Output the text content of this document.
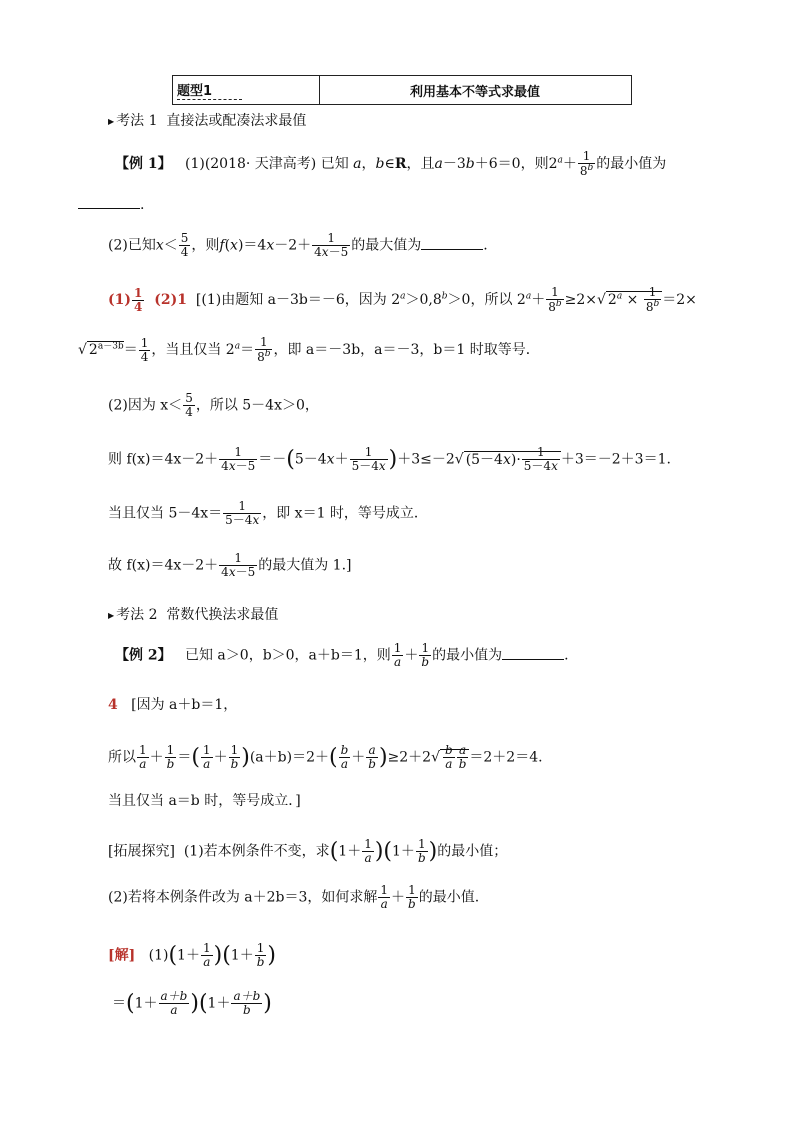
题型1	利用基本不等式求最值
▶ 考法 1 直接法或配凑法求最值
【例 1】 (1)(2018· 天津高考) 已知 a，b∈R，且a－3b＋6＝0，则$2^a+ \frac{1}{8^b}$ 的最小值为
.
(2)已知$x< \frac{5}{4}$ ，则$f(x)=4x-2+ \frac{1}{4x-5}$ 的最大值为	.
$(1) \frac{1}{4} (2)1$ [(1)由题知 a－3b＝－6，因为 $2^a>0,8^b>0$，所以 $2^a+ \frac{1}{8^b} \ge 2\times√$ $2^a \times \frac{1}{8^b} =2\times$
√ $2^{a-3b}= \frac{1}{4}$ ，当且仅当 $2^a= \frac{1}{8^b}$ ，即 a＝－3b，a＝－3，b＝1 时取等号．
(2)因为 $x< \frac{5}{4}$ ，所以 5－4x＞0，
则 $f(x)=4x-2+ \frac{1}{4x-5} =-(5-4x+ \frac{1}{5-4x} )+3\le-2√$ $(5-4x)\cdot \frac{1}{5-4x} +3=-2+3=1$.
当且仅当 $5-4x= \frac{1}{5-4x}$ ，即 x＝1 时，等号成立．
故 $f(x)=4x-2+ \frac{1}{4x-5}$ 的最大值为 1.]
▶ 考法 2 常数代换法求最值
【例 2】 已知 a＞0，b＞0，a＋b＝1，则 $\frac{1}{a} + \frac{1}{b}$ 的最小值为	.
4 [因为 a＋b＝1，
所以 $\frac{1}{a} + \frac{1}{b}$ ＝( $\frac{1}{a} + \frac{1}{b} )(a+b)=2+( \frac{b}{a} + \frac{a}{b} )\ge 2+2√ \frac{b}{a} \frac{a}{b} =2+2=4$.
当且仅当 a＝b 时，等号成立．]
[拓展探究] (1)若本例条件不变，求$(1+ \frac{1}{a} )(1+ \frac{1}{b}$ )的最小值；
(2)若将本例条件改为 a＋2b＝3，如何求解 $\frac{1}{a} + \frac{1}{b}$ 的最小值.
[解] $(1)(1+ \frac{1}{a} )(1+ \frac{1}{b}$ )
$=(1+ \frac{a+b}{a} )(1+ \frac{a+b}{b}$ )
